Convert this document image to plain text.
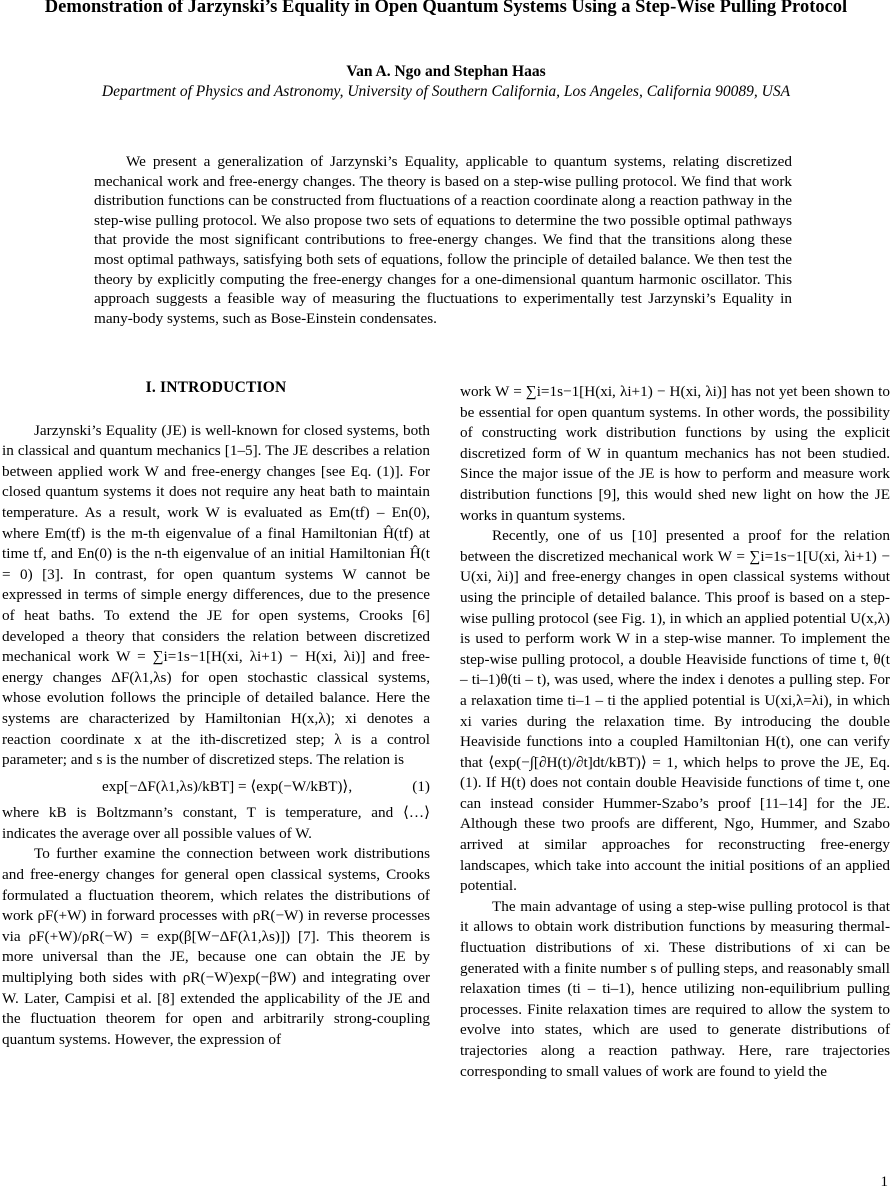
Demonstration of Jarzynski’s Equality in Open Quantum Systems Using a Step-Wise Pulling Protocol
Van A. Ngo and Stephan Haas
Department of Physics and Astronomy, University of Southern California, Los Angeles, California 90089, USA

We present a generalization of Jarzynski’s Equality, applicable to quantum systems, relating discretized mechanical work and free-energy changes. The theory is based on a step-wise pulling protocol. We find that work distribution functions can be constructed from fluctuations of a reaction coordinate along a reaction pathway in the step-wise pulling protocol. We also propose two sets of equations to determine the two possible optimal pathways that provide the most significant contributions to free-energy changes. We find that the transitions along these most optimal pathways, satisfying both sets of equations, follow the principle of detailed balance. We then test the theory by explicitly computing the free-energy changes for a one-dimensional quantum harmonic oscillator. This approach suggests a feasible way of measuring the fluctuations to experimentally test Jarzynski’s Equality in many-body systems, such as Bose-Einstein condensates.

I. INTRODUCTION

Jarzynski’s Equality (JE) is well-known for closed systems, both in classical and quantum mechanics [1–5]. The JE describes a relation between applied work W and free-energy changes [see Eq. (1)]. For closed quantum systems it does not require any heat bath to maintain temperature. As a result, work W is evaluated as Em(tf) – En(0), where Em(tf) is the m-th eigenvalue of a final Hamiltonian Ĥ(tf) at time tf, and En(0) is the n-th eigenvalue of an initial Hamiltonian Ĥ(t = 0) [3]. In contrast, for open quantum systems W cannot be expressed in terms of simple energy differences, due to the presence of heat baths. To extend the JE for open systems, Crooks [6] developed a theory that considers the relation between discretized mechanical work W = ∑i=1s−1[H(xi, λi+1) − H(xi, λi)] and free-energy changes ΔF(λ1,λs) for open stochastic classical systems, whose evolution follows the principle of detailed balance. Here the systems are characterized by Hamiltonian H(x,λ); xi denotes a reaction coordinate x at the ith-discretized step; λ is a control parameter; and s is the number of discretized steps. The relation is

exp[−ΔF(λ1,λs)/kBT] = ⟨exp(−W/kBT)⟩,	(1)

where kB is Boltzmann’s constant, T is temperature, and ⟨…⟩ indicates the average over all possible values of W.

To further examine the connection between work distributions and free-energy changes for general open classical systems, Crooks formulated a fluctuation theorem, which relates the distributions of work ρF(+W) in forward processes with ρR(−W) in reverse processes via ρF(+W)/ρR(−W) = exp(β[W−ΔF(λ1,λs)]) [7]. This theorem is more universal than the JE, because one can obtain the JE by multiplying both sides with ρR(−W)exp(−βW) and integrating over W. Later, Campisi et al. [8] extended the applicability of the JE and the fluctuation theorem for open and arbitrarily strong-coupling quantum systems. However, the expression of

work W = ∑i=1s−1[H(xi, λi+1) − H(xi, λi)] has not yet been shown to be essential for open quantum systems. In other words, the possibility of constructing work distribution functions by using the explicit discretized form of W in quantum mechanics has not been studied. Since the major issue of the JE is how to perform and measure work distribution functions [9], this would shed new light on how the JE works in quantum systems.

Recently, one of us [10] presented a proof for the relation between the discretized mechanical work W = ∑i=1s−1[U(xi, λi+1) − U(xi, λi)] and free-energy changes in open classical systems without using the principle of detailed balance. This proof is based on a step-wise pulling protocol (see Fig. 1), in which an applied potential U(x,λ) is used to perform work W in a step-wise manner. To implement the step-wise pulling protocol, a double Heaviside functions of time t, θ(t – ti–1)θ(ti – t), was used, where the index i denotes a pulling step. For a relaxation time ti–1 – ti the applied potential is U(xi,λ=λi), in which xi varies during the relaxation time. By introducing the double Heaviside functions into a coupled Hamiltonian H(t), one can verify that ⟨exp(−∫[∂H(t)/∂t]dt/kBT)⟩ = 1, which helps to prove the JE, Eq. (1). If H(t) does not contain double Heaviside functions of time t, one can instead consider Hummer-Szabo’s proof [11–14] for the JE. Although these two proofs are different, Ngo, Hummer, and Szabo arrived at similar approaches for reconstructing free-energy landscapes, which take into account the initial positions of an applied potential.

The main advantage of using a step-wise pulling protocol is that it allows to obtain work distribution functions by measuring thermal-fluctuation distributions of xi. These distributions of xi can be generated with a finite number s of pulling steps, and reasonably small relaxation times (ti – ti–1), hence utilizing non-equilibrium pulling processes. Finite relaxation times are required to allow the system to evolve into states, which are used to generate distributions of trajectories along a reaction pathway. Here, rare trajectories corresponding to small values of work are found to yield the

1
